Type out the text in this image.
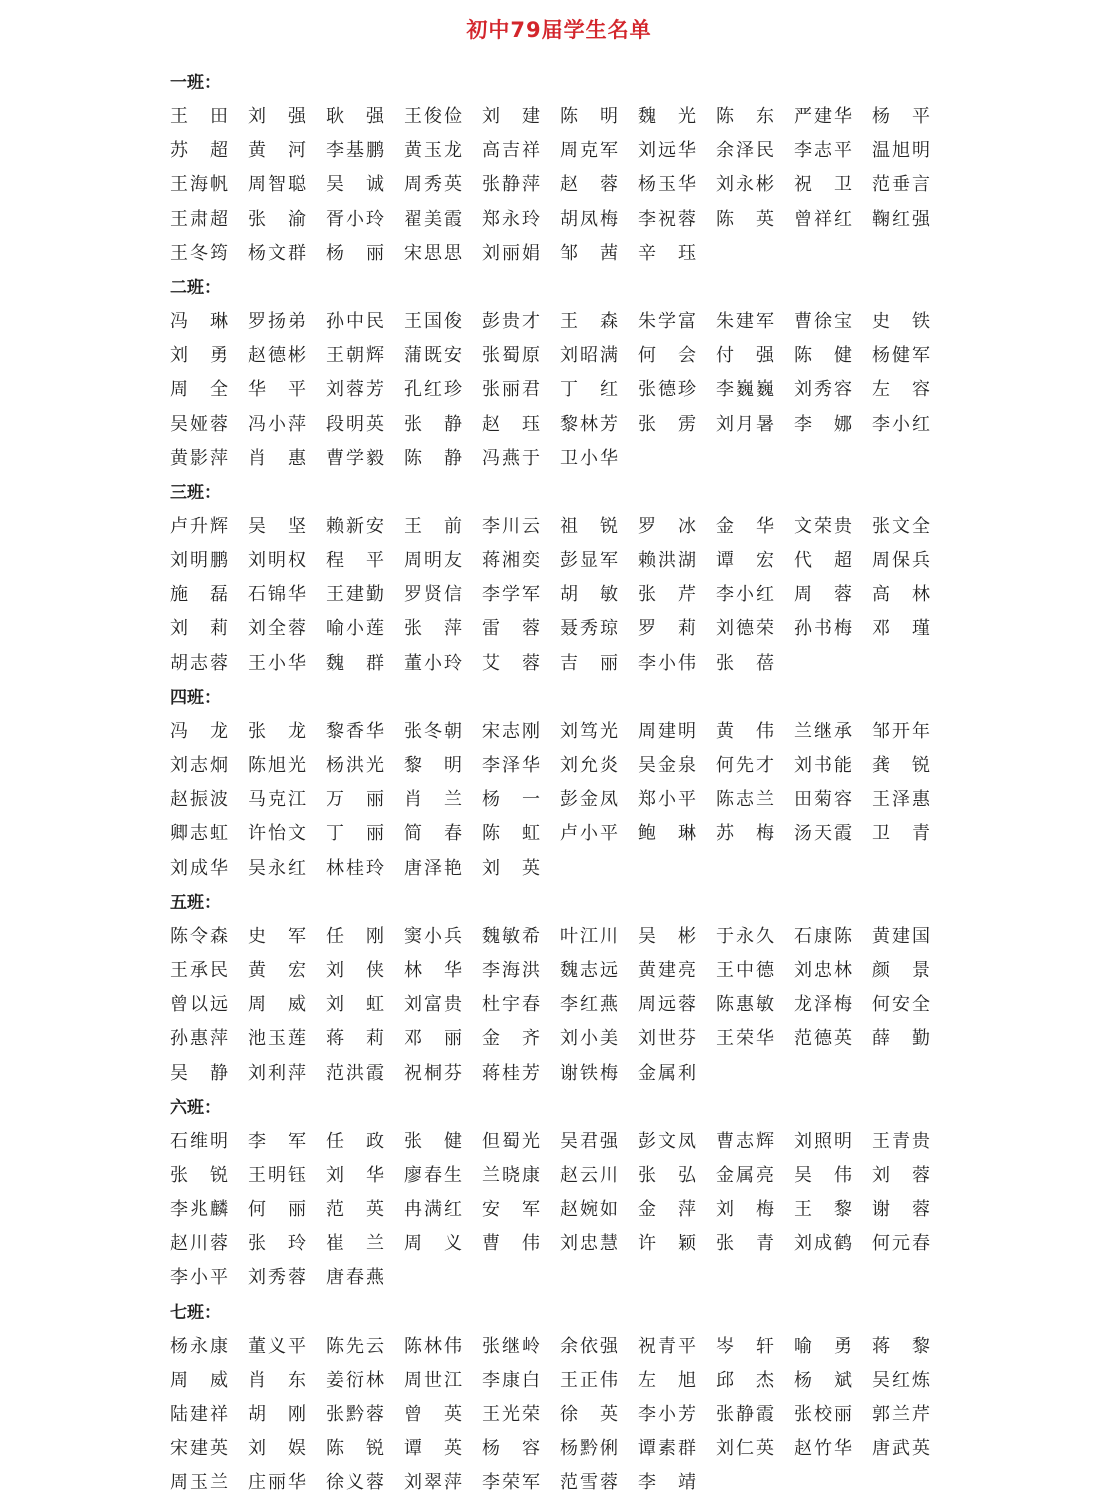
初中79届学生名单
一班：
王　田 刘　强 耿　强 王俊俭 刘　建 陈　明 魏　光 陈　东 严建华 杨　平
苏　超 黄　河 李基鹏 黄玉龙 高吉祥 周克军 刘远华 余泽民 李志平 温旭明
王海帆 周智聪 吴　诚 周秀英 张静萍 赵　蓉 杨玉华 刘永彬 祝　卫 范垂言
王肃超 张　渝 胥小玲 翟美霞 郑永玲 胡凤梅 李祝蓉 陈　英 曾祥红 鞠红强
王冬筠 杨文群 杨　丽 宋思思 刘丽娟 邹　茜 辛　珏
二班：
冯　琳 罗扬弟 孙中民 王国俊 彭贵才 王　森 朱学富 朱建军 曹徐宝 史　铁
刘　勇 赵德彬 王朝辉 蒲既安 张蜀原 刘昭满 何　会 付　强 陈　健 杨健军
周　全 华　平 刘蓉芳 孔红珍 张丽君 丁　红 张德珍 李巍巍 刘秀容 左　容
吴娅蓉 冯小萍 段明英 张　静 赵　珏 黎林芳 张　雳 刘月暑 李　娜 李小红
黄影萍 肖　惠 曹学毅 陈　静 冯燕于 卫小华
三班：
卢升辉 吴　坚 赖新安 王　前 李川云 祖　锐 罗　冰 金　华 文荣贵 张文全
刘明鹏 刘明权 程　平 周明友 蒋湘奕 彭显军 赖洪湖 谭　宏 代　超 周保兵
施　磊 石锦华 王建勤 罗贤信 李学军 胡　敏 张　芹 李小红 周　蓉 高　林
刘　莉 刘全蓉 喻小莲 张　萍 雷　蓉 聂秀琼 罗　莉 刘德荣 孙书梅 邓　瑾
胡志蓉 王小华 魏　群 董小玲 艾　蓉 吉　丽 李小伟 张　蓓
四班：
冯　龙 张　龙 黎香华 张冬朝 宋志刚 刘笃光 周建明 黄　伟 兰继承 邹开年
刘志炯 陈旭光 杨洪光 黎　明 李泽华 刘允炎 吴金泉 何先才 刘书能 龚　锐
赵振波 马克江 万　丽 肖　兰 杨　一 彭金凤 郑小平 陈志兰 田菊容 王泽惠
卿志虹 许怡文 丁　丽 简　春 陈　虹 卢小平 鲍　琳 苏　梅 汤天霞 卫　青
刘成华 吴永红 林桂玲 唐泽艳 刘　英
五班：
陈令森 史　军 任　刚 窦小兵 魏敏希 叶江川 吴　彬 于永久 石康陈 黄建国
王承民 黄　宏 刘　侠 林　华 李海洪 魏志远 黄建亮 王中德 刘忠林 颜　景
曾以远 周　威 刘　虹 刘富贵 杜宇春 李红燕 周远蓉 陈惠敏 龙泽梅 何安全
孙惠萍 池玉莲 蒋　莉 邓　丽 金　齐 刘小美 刘世芬 王荣华 范德英 薛　勤
吴　静 刘利萍 范洪霞 祝桐芬 蒋桂芳 谢铁梅 金属利
六班：
石维明 李　军 任　政 张　健 但蜀光 吴君强 彭文凤 曹志辉 刘照明 王青贵
张　锐 王明钰 刘　华 廖春生 兰晓康 赵云川 张　弘 金属亮 吴　伟 刘　蓉
李兆麟 何　丽 范　英 冉满红 安　军 赵婉如 金　萍 刘　梅 王　黎 谢　蓉
赵川蓉 张　玲 崔　兰 周　义 曹　伟 刘忠慧 许　颖 张　青 刘成鹤 何元春
李小平 刘秀蓉 唐春燕
七班：
杨永康 董义平 陈先云 陈林伟 张继岭 余依强 祝青平 岑　轩 喻　勇 蒋　黎
周　威 肖　东 姜衍林 周世江 李康白 王正伟 左　旭 邱　杰 杨　斌 吴红炼
陆建祥 胡　刚 张黔蓉 曾　英 王光荣 徐　英 李小芳 张静霞 张校丽 郭兰芹
宋建英 刘　娱 陈　锐 谭　英 杨　容 杨黔俐 谭素群 刘仁英 赵竹华 唐武英
周玉兰 庄丽华 徐义蓉 刘翠萍 李荣军 范雪蓉 李　靖
